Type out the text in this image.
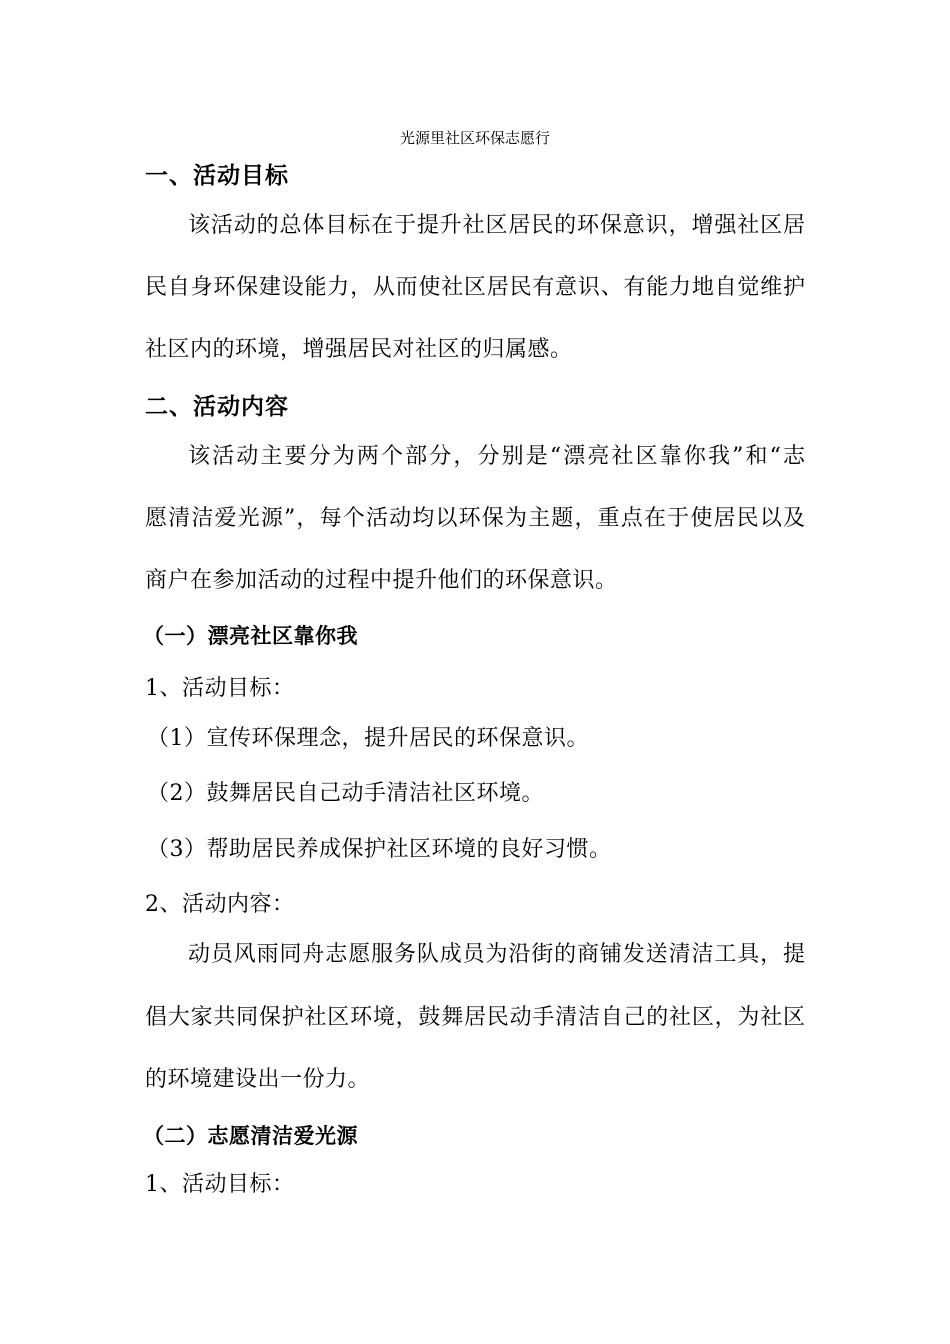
光源里社区环保志愿行
一、活动目标
该活动的总体目标在于提升社区居民的环保意识，增强社区居
民自身环保建设能力，从而使社区居民有意识、有能力地自觉维护
社区内的环境，增强居民对社区的归属感。
二、活动内容
该活动主要分为两个部分，分别是“漂亮社区靠你我”和“志
愿清洁爱光源”，每个活动均以环保为主题，重点在于使居民以及
商户在参加活动的过程中提升他们的环保意识。
（一）漂亮社区靠你我
1、活动目标：
（1）宣传环保理念，提升居民的环保意识。
（2）鼓舞居民自己动手清洁社区环境。
（3）帮助居民养成保护社区环境的良好习惯。
2、活动内容：
动员风雨同舟志愿服务队成员为沿街的商铺发送清洁工具，提
倡大家共同保护社区环境，鼓舞居民动手清洁自己的社区，为社区
的环境建设出一份力。
（二）志愿清洁爱光源
1、活动目标：
